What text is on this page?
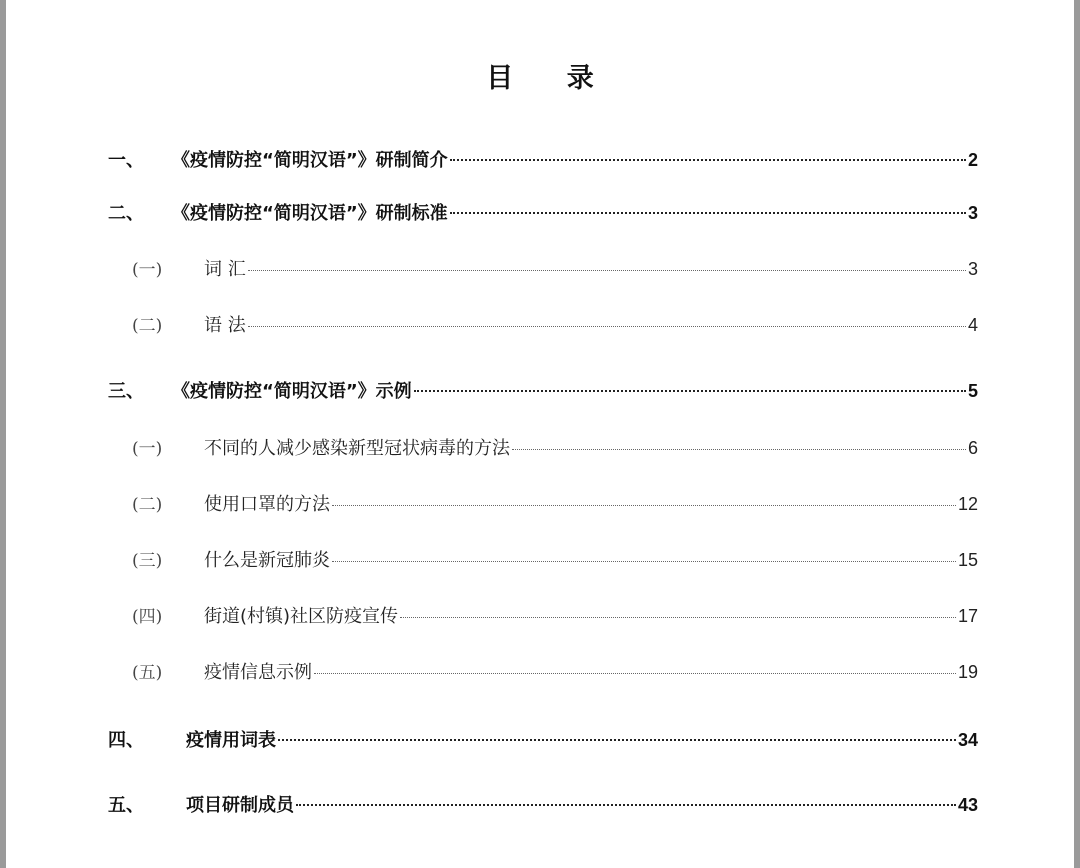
目 录
一、	《疫情防控“简明汉语”》研制简介	2
二、	《疫情防控“简明汉语”》研制标准	3
(一)	词 汇	3
(二)	语 法	4
三、	《疫情防控“简明汉语”》示例	5
(一)	不同的人减少感染新型冠状病毒的方法	6
(二)	使用口罩的方法	12
(三)	什么是新冠肺炎	15
(四)	街道(村镇)社区防疫宣传	17
(五)	疫情信息示例	19
四、	疫情用词表	34
五、	项目研制成员	43
